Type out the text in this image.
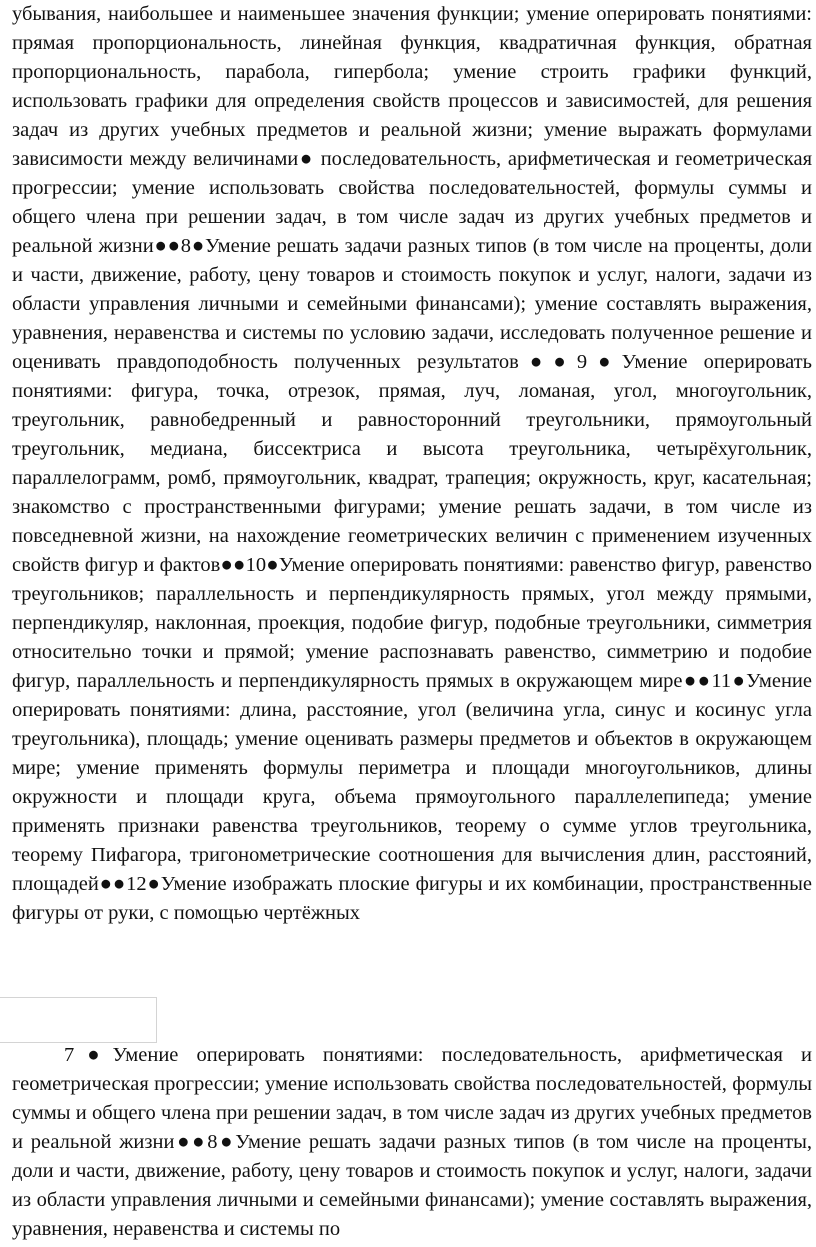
убывания, наибольшее и наименьшее значения функции; умение оперировать понятиями: прямая пропорциональность, линейная функция, квадратичная функция, обратная пропорциональность, парабола, гипербола; умение строить графики функций, использовать графики для определения свойств процессов и зависимостей, для решения задач из других учебных предметов и реальной жизни; умение выражать формулами зависимости между величинами● последовательность, арифметическая и геометрическая прогрессии; умение использовать свойства последовательностей, формулы суммы и общего члена при решении задач, в том числе задач из других учебных предметов и реальной жизни●●8●Умение решать задачи разных типов (в том числе на проценты, доли и части, движение, работу, цену товаров и стоимость покупок и услуг, налоги, задачи из области управления личными и семейными финансами); умение составлять выражения, уравнения, неравенства и системы по условию задачи, исследовать полученное решение и оценивать правдоподобность полученных результатов●●9●Умение оперировать понятиями: фигура, точка, отрезок, прямая, луч, ломаная, угол, многоугольник, треугольник, равнобедренный и равносторонний треугольники, прямоугольный треугольник, медиана, биссектриса и высота треугольника, четырёхугольник, параллелограмм, ромб, прямоугольник, квадрат, трапеция; окружность, круг, касательная; знакомство с пространственными фигурами; умение решать задачи, в том числе из повседневной жизни, на нахождение геометрических величин с применением изученных свойств фигур и фактов●●10●Умение оперировать понятиями: равенство фигур, равенство треугольников; параллельность и перпендикулярность прямых, угол между прямыми, перпендикуляр, наклонная, проекция, подобие фигур, подобные треугольники, симметрия относительно точки и прямой; умение распознавать равенство, симметрию и подобие фигур, параллельность и перпендикулярность прямых в окружающем мире●●11●Умение оперировать понятиями: длина, расстояние, угол (величина угла, синус и косинус угла треугольника), площадь; умение оценивать размеры предметов и объектов в окружающем мире; умение применять формулы периметра и площади многоугольников, длины окружности и площади круга, объема прямоугольного параллелепипеда; умение применять признаки равенства треугольников, теорему о сумме углов треугольника, теорему Пифагора, тригонометрические соотношения для вычисления длин, расстояний, площадей●●12●Умение изображать плоские фигуры и их комбинации, пространственные фигуры от руки, с помощью чертёжных

7●Умение оперировать понятиями: последовательность, арифметическая и геометрическая прогрессии; умение использовать свойства последовательностей, формулы суммы и общего члена при решении задач, в том числе задач из других учебных предметов и реальной жизни●●8●Умение решать задачи разных типов (в том числе на проценты, доли и части, движение, работу, цену товаров и стоимость покупок и услуг, налоги, задачи из области управления личными и семейными финансами); умение составлять выражения, уравнения, неравенства и системы по
